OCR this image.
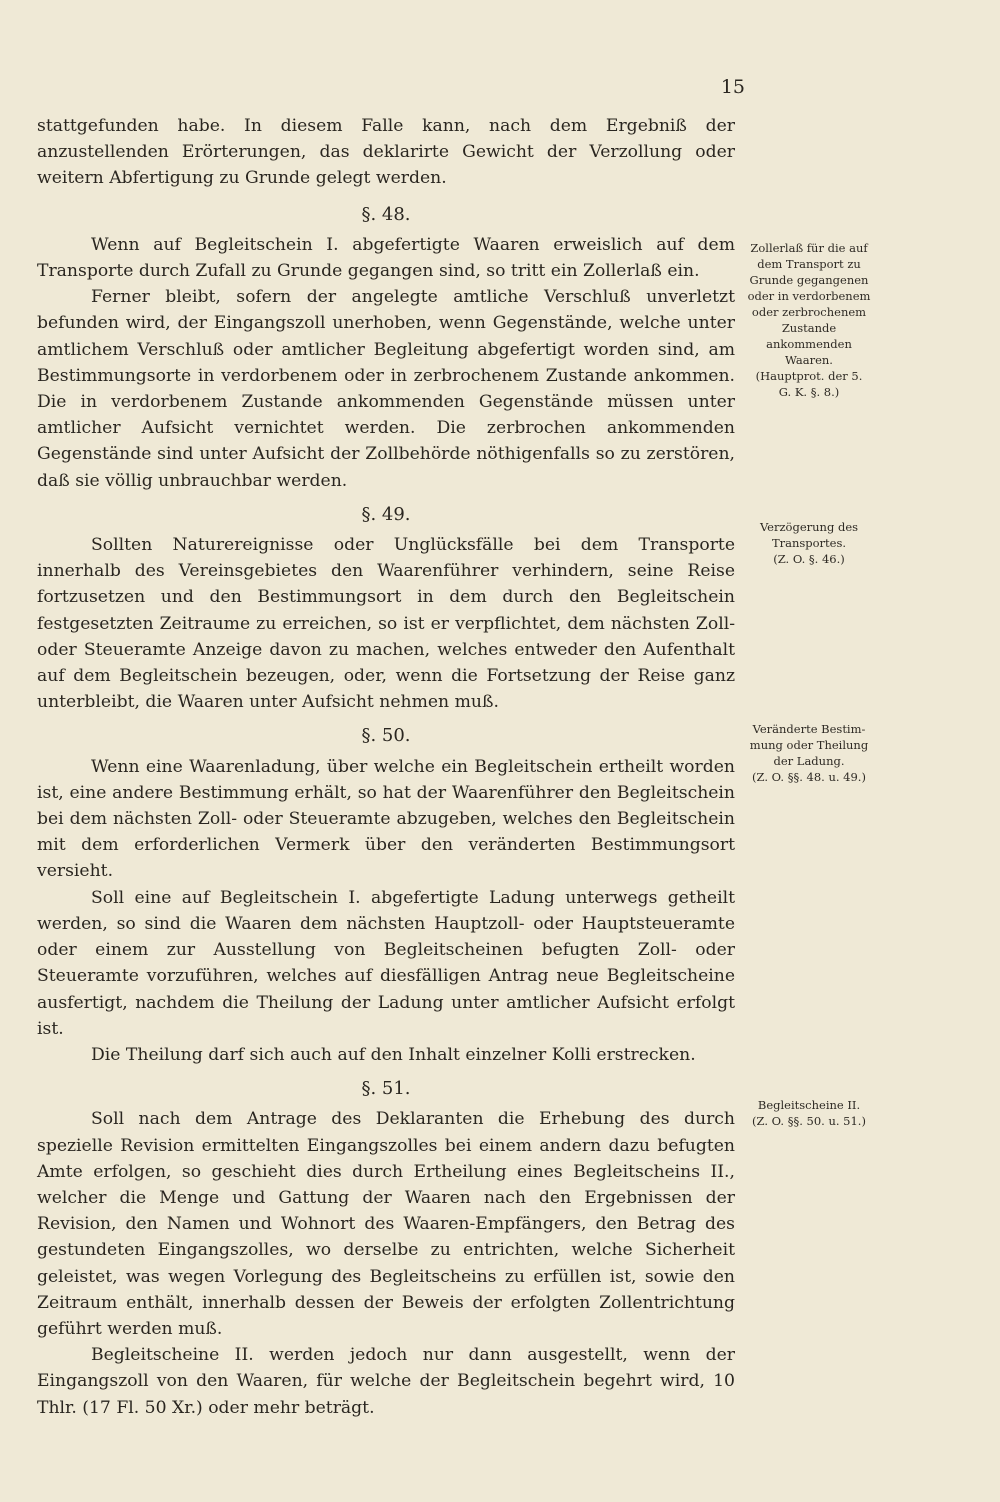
15

stattgefunden habe. In diesem Falle kann, nach dem Ergebniß der anzustellenden Erörterungen, das deklarirte Gewicht der Verzollung oder weitern Abfertigung zu Grunde gelegt werden.

§. 48.

Wenn auf Begleitschein I. abgefertigte Waaren erweislich auf dem Transporte durch Zufall zu Grunde gegangen sind, so tritt ein Zollerlaß ein.

Ferner bleibt, sofern der angelegte amtliche Verschluß unverletzt befunden wird, der Eingangszoll unerhoben, wenn Gegenstände, welche unter amtlichem Verschluß oder amtlicher Begleitung abgefertigt worden sind, am Bestimmungsorte in verdorbenem oder in zerbrochenem Zustande ankommen. Die in verdorbenem Zustande ankommenden Gegenstände müssen unter amtlicher Aufsicht vernichtet werden. Die zerbrochen ankommenden Gegenstände sind unter Aufsicht der Zollbehörde nöthigenfalls so zu zerstören, daß sie völlig unbrauchbar werden.

§. 49.

Sollten Naturereignisse oder Unglücksfälle bei dem Transporte innerhalb des Vereinsgebietes den Waarenführer verhindern, seine Reise fortzusetzen und den Bestimmungsort in dem durch den Begleitschein festgesetzten Zeitraume zu erreichen, so ist er verpflichtet, dem nächsten Zoll- oder Steueramte Anzeige davon zu machen, welches entweder den Aufenthalt auf dem Begleitschein bezeugen, oder, wenn die Fortsetzung der Reise ganz unterbleibt, die Waaren unter Aufsicht nehmen muß.

§. 50.

Wenn eine Waarenladung, über welche ein Begleitschein ertheilt worden ist, eine andere Bestimmung erhält, so hat der Waarenführer den Begleitschein bei dem nächsten Zoll- oder Steueramte abzugeben, welches den Begleitschein mit dem erforderlichen Vermerk über den veränderten Bestimmungsort versieht.

Soll eine auf Begleitschein I. abgefertigte Ladung unterwegs getheilt werden, so sind die Waaren dem nächsten Hauptzoll- oder Hauptsteueramte oder einem zur Ausstellung von Begleitscheinen befugten Zoll- oder Steueramte vorzuführen, welches auf diesfälligen Antrag neue Begleitscheine ausfertigt, nachdem die Theilung der Ladung unter amtlicher Aufsicht erfolgt ist.

Die Theilung darf sich auch auf den Inhalt einzelner Kolli erstrecken.

§. 51.

Soll nach dem Antrage des Deklaranten die Erhebung des durch spezielle Revision ermittelten Eingangszolles bei einem andern dazu befugten Amte erfolgen, so geschieht dies durch Ertheilung eines Begleitscheins II., welcher die Menge und Gattung der Waaren nach den Ergebnissen der Revision, den Namen und Wohnort des Waaren-Empfängers, den Betrag des gestundeten Eingangszolles, wo derselbe zu entrichten, welche Sicherheit geleistet, was wegen Vorlegung des Begleitscheins zu erfüllen ist, sowie den Zeitraum enthält, innerhalb dessen der Beweis der erfolgten Zollentrichtung geführt werden muß.

Begleitscheine II. werden jedoch nur dann ausgestellt, wenn der Eingangszoll von den Waaren, für welche der Begleitschein begehrt wird, 10 Thlr. (17 Fl. 50 Xr.) oder mehr beträgt.

Zollerlaß für die auf
dem Transport zu
Grunde gegangenen
oder in verdorbenem
oder zerbrochenem
Zustande ankommenden Waaren.
(Hauptprot. der 5.
G. K. §. 8.)
Verzögerung des
Transportes.
(Z. O. §. 46.)
Veränderte Bestim-
mung oder Theilung
der Ladung.
(Z. O. §§. 48. u. 49.)
Begleitscheine II.
(Z. O. §§. 50. u. 51.)
